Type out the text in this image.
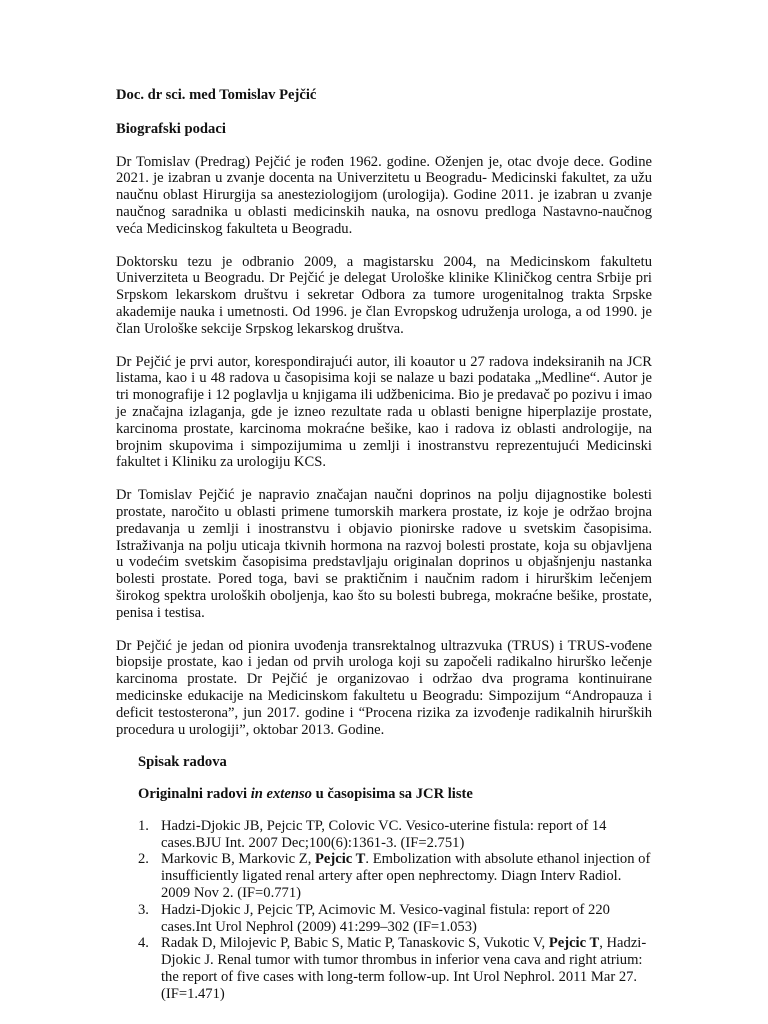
Doc. dr sci. med Tomislav Pejčić

Biografski podaci

Dr Tomislav (Predrag) Pejčić je rođen 1962. godine. Oženjen je, otac dvoje dece. Godine 2021. je izabran u zvanje docenta na Univerzitetu u Beogradu- Medicinski fakultet, za užu naučnu oblast Hirurgija sa anesteziologijom (urologija). Godine 2011. je izabran u zvanje naučnog saradnika u oblasti medicinskih nauka, na osnovu predloga Nastavno-naučnog veća Medicinskog fakulteta u Beogradu.

Doktorsku tezu je odbranio 2009, a magistarsku 2004, na Medicinskom fakultetu Univerziteta u Beogradu. Dr Pejčić je delegat Urološke klinike Kliničkog centra Srbije pri Srpskom lekarskom društvu i sekretar Odbora za tumore urogenitalnog trakta Srpske akademije nauka i umetnosti. Od 1996. je član Evropskog udruženja urologa, a od 1990. je član Urološke sekcije Srpskog lekarskog društva.

Dr Pejčić je prvi autor, korespondirajući autor, ili koautor u 27 radova indeksiranih na JCR listama, kao i u 48 radova u časopisima koji se nalaze u bazi podataka „Medline“. Autor je tri monografije i 12 poglavlja u knjigama ili udžbenicima. Bio je predavač po pozivu i imao je značajna izlaganja, gde je izneo rezultate rada u oblasti benigne hiperplazije prostate, karcinoma prostate, karcinoma mokraćne bešike, kao i radova iz oblasti andrologije, na brojnim skupovima i simpozijumima u zemlji i inostranstvu reprezentujući Medicinski fakultet i Kliniku za urologiju KCS.

Dr Tomislav Pejčić je napravio značajan naučni doprinos na polju dijagnostike bolesti prostate, naročito u oblasti primene tumorskih markera prostate, iz koje je održao brojna predavanja u zemlji i inostranstvu i objavio pionirske radove u svetskim časopisima. Istraživanja na polju uticaja tkivnih hormona na razvoj bolesti prostate, koja su objavljena u vodećim svetskim časopisima predstavljaju originalan doprinos u objašnjenju nastanka bolesti prostate. Pored toga, bavi se praktičnim i naučnim radom i hirurškim lečenjem širokog spektra uroloških obolјenja, kao što su bolesti bubrega, mokraćne bešike, prostate, penisa i testisa.

Dr Pejčić je jedan od pionira uvođenja transrektalnog ultrazvuka (TRUS) i TRUS-vođene biopsije prostate, kao i jedan od prvih urologa koji su započeli radikalno hirurško lečenje karcinoma prostate. Dr Pejčić je organizovao i održao dva programa kontinuirane medicinske edukacije na Medicinskom fakultetu u Beogradu: Simpozijum “Andropauza i deficit testosterona”, jun 2017. godine i “Procena rizika za izvođenje radikalnih hirurških procedura u urologiji”, oktobar 2013. Godine.

Spisak radova

Originalni radovi in extenso u časopisima sa JCR liste

1. Hadzi-Djokic JB, Pejcic TP, Colovic VC. Vesico-uterine fistula: report of 14 cases.BJU Int. 2007 Dec;100(6):1361-3. (IF=2.751)
2. Markovic B, Markovic Z, Pejcic T. Embolization with absolute ethanol injection of insufficiently ligated renal artery after open nephrectomy. Diagn Interv Radiol. 2009 Nov 2. (IF=0.771)
3. Hadzi-Djokic J, Pejcic TP, Acimovic M. Vesico-vaginal fistula: report of 220 cases.Int Urol Nephrol (2009) 41:299–302 (IF=1.053)
4. Radak D, Milojevic P, Babic S, Matic P, Tanaskovic S, Vukotic V, Pejcic T, Hadzi-Djokic J. Renal tumor with tumor thrombus in inferior vena cava and right atrium: the report of five cases with long-term follow-up. Int Urol Nephrol. 2011 Mar 27. (IF=1.471)
